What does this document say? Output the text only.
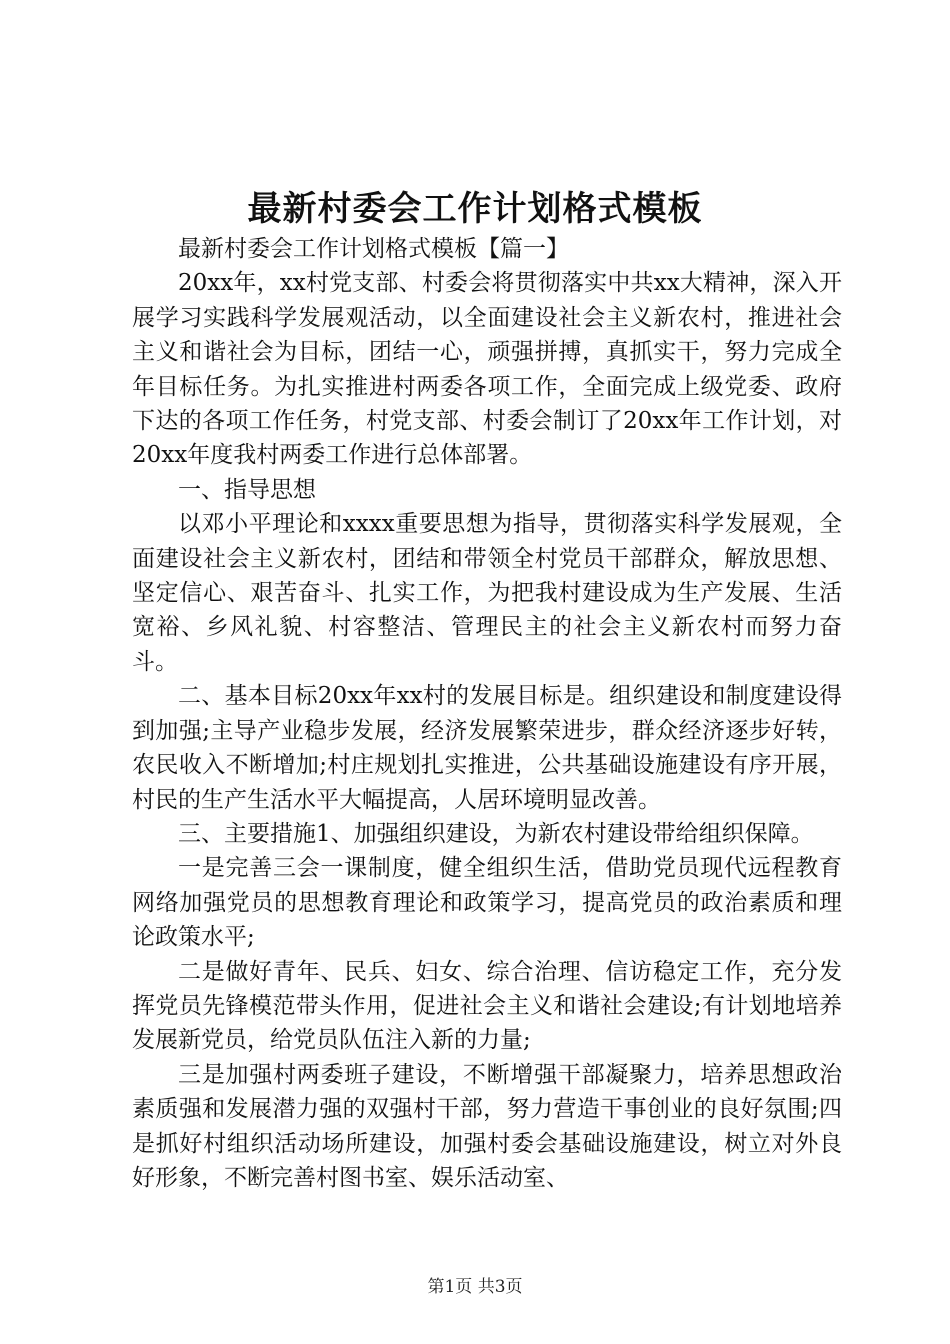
最新村委会工作计划格式模板

最新村委会工作计划格式模板【篇一】

20xx年，xx村党支部、村委会将贯彻落实中共xx大精神，深入开展学习实践科学发展观活动，以全面建设社会主义新农村，推进社会主义和谐社会为目标，团结一心，顽强拼搏，真抓实干，努力完成全年目标任务。为扎实推进村两委各项工作，全面完成上级党委、政府下达的各项工作任务，村党支部、村委会制订了20xx年工作计划，对20xx年度我村两委工作进行总体部署。

一、指导思想

以邓小平理论和xxxx重要思想为指导，贯彻落实科学发展观，全面建设社会主义新农村，团结和带领全村党员干部群众，解放思想、坚定信心、艰苦奋斗、扎实工作，为把我村建设成为生产发展、生活宽裕、乡风礼貌、村容整洁、管理民主的社会主义新农村而努力奋斗。

二、基本目标20xx年xx村的发展目标是。组织建设和制度建设得到加强;主导产业稳步发展，经济发展繁荣进步，群众经济逐步好转，农民收入不断增加;村庄规划扎实推进，公共基础设施建设有序开展，村民的生产生活水平大幅提高，人居环境明显改善。

三、主要措施1、加强组织建设，为新农村建设带给组织保障。

一是完善三会一课制度，健全组织生活，借助党员现代远程教育网络加强党员的思想教育理论和政策学习，提高党员的政治素质和理论政策水平;

二是做好青年、民兵、妇女、综合治理、信访稳定工作，充分发挥党员先锋模范带头作用，促进社会主义和谐社会建设;有计划地培养发展新党员，给党员队伍注入新的力量;

三是加强村两委班子建设，不断增强干部凝聚力，培养思想政治素质强和发展潜力强的双强村干部，努力营造干事创业的良好氛围;四是抓好村组织活动场所建设，加强村委会基础设施建设，树立对外良好形象，不断完善村图书室、娱乐活动室、

第1页 共3页
